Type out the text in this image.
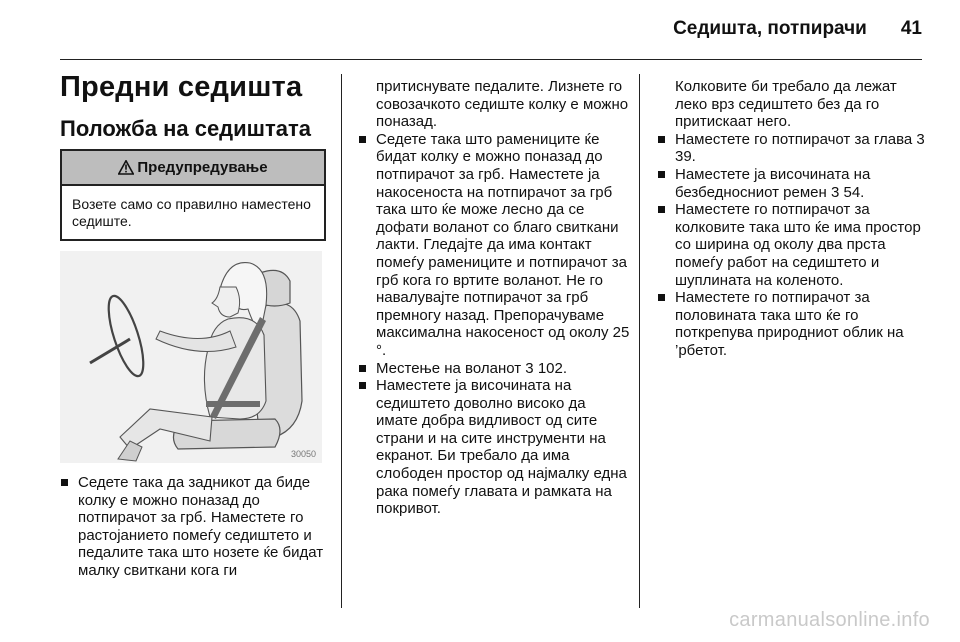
Седишта, потпирачи 41
Предни седишта
Положба на седиштата
Предупредување
Возете само со правилно наместено седиште.
30050

Седете така да задникот да биде колку е можно поназад до потпирачот за грб. Наместете го растојанието помеѓу седиштето и педалите така што нозете ќе бидат малку свиткани кога ги

притиснувате педалите. Лизнете го совозачкото седиште колку е можно поназад.

Седете така што рамениците ќе бидат колку е можно поназад до потпирачот за грб. Наместете ја накосеноста на потпирачот за грб така што ќе може лесно да се дофати воланот со благо свиткани лакти. Гледајте да има контакт помеѓу рамениците и потпирачот за грб кога го вртите воланот. Не го навалувајте потпирачот за грб премногу назад. Препорачуваме максимална накосеност од околу 25 °.

Местење на воланот 3 102.

Наместете ја височината на седиштето доволно високо да имате добра видливост од сите страни и на сите инструменти на екранот. Би требало да има слободен простор од најмалку една рака помеѓу главата и рамката на покривот.

Колковите би требало да лежат леко врз седиштето без да го притискаат него.

Наместете го потпирачот за глава 3 39.

Наместете ја височината на безбедносниот ремен 3 54.

Наместете го потпирачот за колковите така што ќе има простор со ширина од околу два прста помеѓу работ на седиштето и шуплината на коленото.

Наместете го потпирачот за половината така што ќе го поткрепува природниот облик на ’рбетот.

carmanualsonline.info
